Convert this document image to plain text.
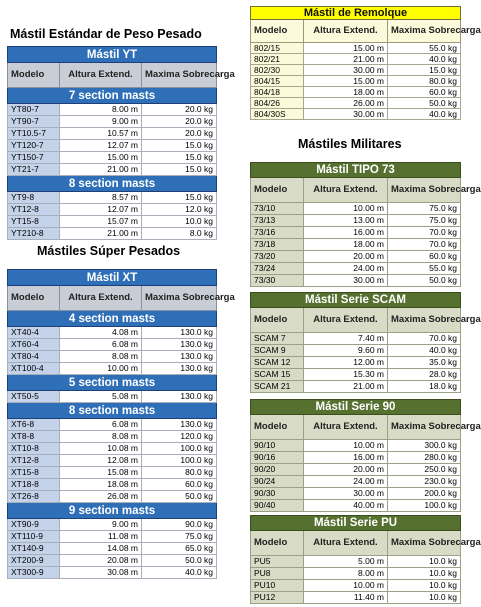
Mástil Estándar de Peso Pesado
Mástil YT		
Modelo	Altura Extend.	Maxima Sobrecarga
7 section masts		
YT80-7	8.00 m	20.0 kg
YT90-7	9.00 m	20.0 kg
YT10.5-7	10.57 m	20.0 kg
YT120-7	12.07 m	15.0 kg
YT150-7	15.00 m	15.0 kg
YT21-7	21.00 m	15.0 kg
8 section masts		
YT9-8	8.57 m	15.0 kg
YT12-8	12.07 m	12.0 kg
YT15-8	15.07 m	10.0 kg
YT210-8	21.00 m	8.0 kg
Mástiles Súper Pesados
Mástil XT		
Modelo	Altura Extend.	Maxima Sobrecarga
4 section masts		
XT40-4	4.08 m	130.0 kg
XT60-4	6.08 m	130.0 kg
XT80-4	8.08 m	130.0 kg
XT100-4	10.00 m	130.0 kg
5 section masts		
XT50-5	5.08 m	130.0 kg
8 section masts		
XT6-8	6.08 m	130.0 kg
XT8-8	8.08 m	120.0 kg
XT10-8	10.08 m	100.0 kg
XT12-8	12.08 m	100.0 kg
XT15-8	15.08 m	80.0 kg
XT18-8	18.08 m	60.0 kg
XT26-8	26.08 m	50.0 kg
9 section masts		
XT90-9	9.00 m	90.0 kg
XT110-9	11.08 m	75.0 kg
XT140-9	14.08 m	65.0 kg
XT200-9	20.08 m	50.0 kg
XT300-9	30.08 m	40.0 kg
Mástil de Remolque		
Modelo	Altura Extend.	Maxima Sobrecarga
802/15	15.00 m	55.0 kg
802/21	21.00 m	40.0 kg
802/30	30.00 m	15.0 kg
804/15	15.00 m	80.0 kg
804/18	18.00 m	60.0 kg
804/26	26.00 m	50.0 kg
804/30S	30.00 m	40.0 kg
Mástiles Militares
Mástil TIPO 73		
Modelo	Altura Extend.	Maxima Sobrecarga
73/10	10.00 m	75.0 kg
73/13	13.00 m	75.0 kg
73/16	16.00 m	70.0 kg
73/18	18.00 m	70.0 kg
73/20	20.00 m	60.0 kg
73/24	24.00 m	55.0 kg
73/30	30.00 m	50.0 kg
Mástil Serie SCAM		
Modelo	Altura Extend.	Maxima Sobrecarga
SCAM 7	7.40 m	70.0 kg
SCAM 9	9.60 m	40.0 kg
SCAM 12	12.00 m	35.0 kg
SCAM 15	15.30 m	28.0 kg
SCAM 21	21.00 m	18.0 kg
Mástil Serie 90		
Modelo	Altura Extend.	Maxima Sobrecarga
90/10	10.00 m	300.0 kg
90/16	16.00 m	280.0 kg
90/20	20.00 m	250.0 kg
90/24	24.00 m	230.0 kg
90/30	30.00 m	200.0 kg
90/40	40.00 m	100.0 kg
Mástil Serie PU		
Modelo	Altura Extend.	Maxima Sobrecarga
PU5	5.00 m	10.0 kg
PU8	8.00 m	10.0 kg
PU10	10.00 m	10.0 kg
PU12	11.40 m	10.0 kg
